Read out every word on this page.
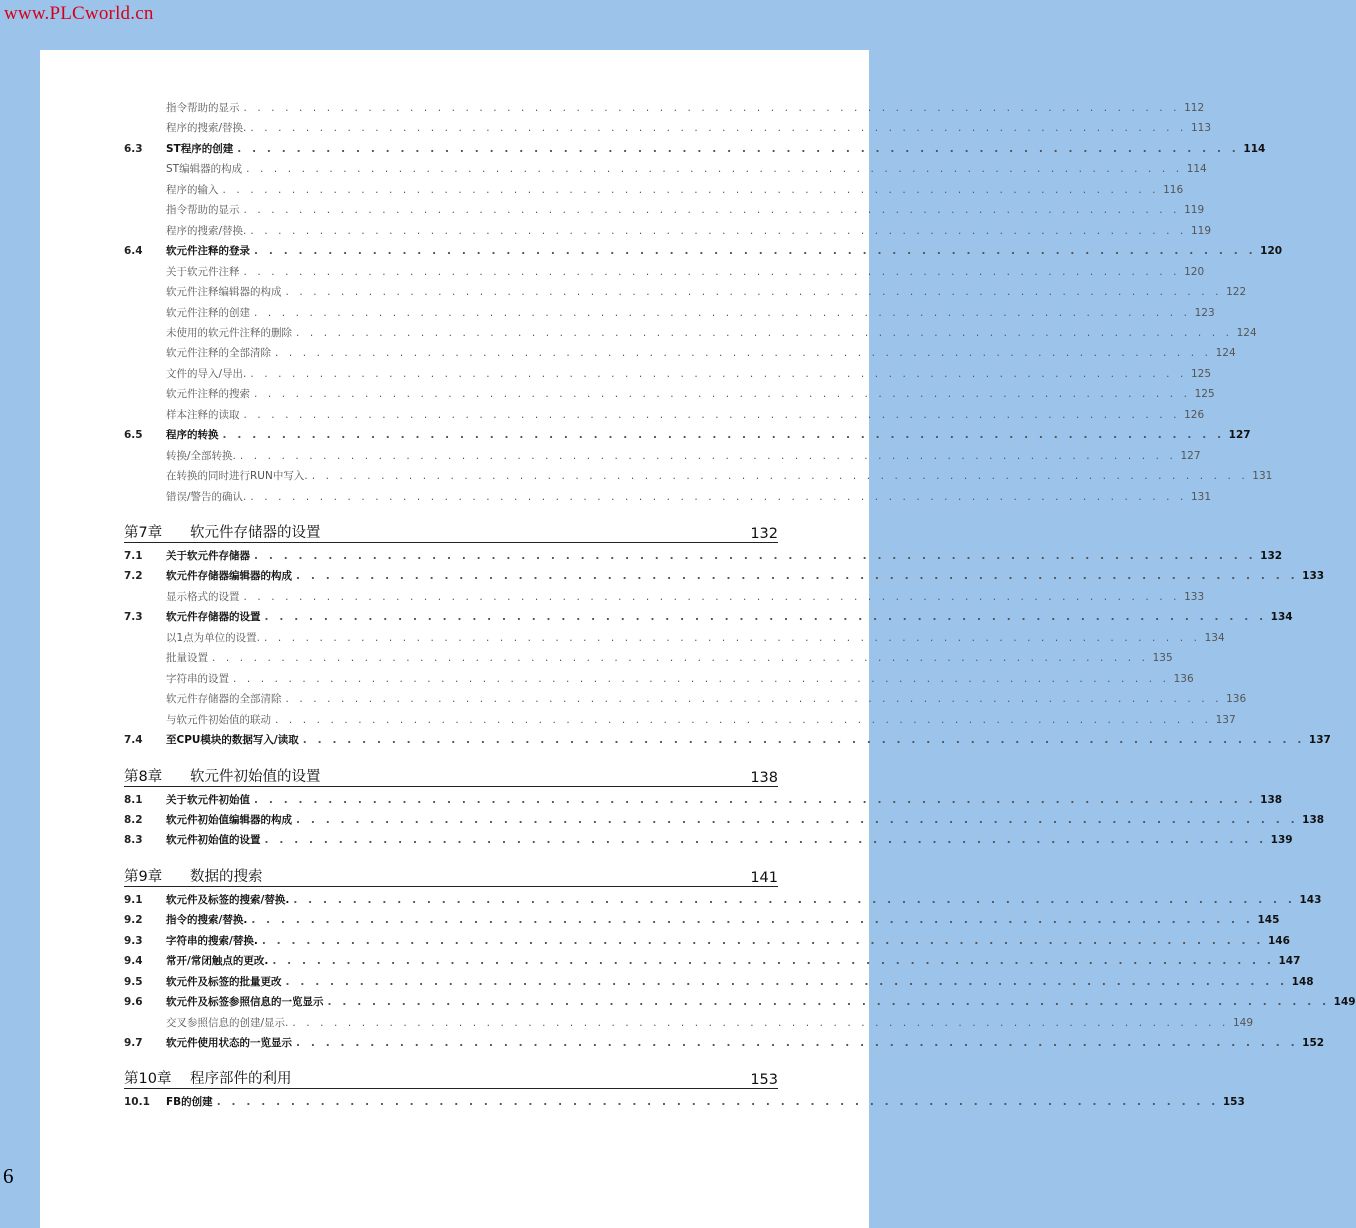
www.PLCworld.cn
6
指令帮助的显示 . . . . . . . . . . . . . . . . . . . . . . . . . . . . . . . . . . . . . . . . . . . . . . . . . . . . . . . . . . . . . . . . . . . . 112
程序的搜索/替换. . . . . . . . . . . . . . . . . . . . . . . . . . . . . . . . . . . . . . . . . . . . . . . . . . . . . . . . . . . . . . . . . . . . . 113
6.3	ST程序的创建 . . . . . . . . . . . . . . . . . . . . . . . . . . . . . . . . . . . . . . . . . . . . . . . . . . . . . . . . . . . . . . . . . . . . 114
ST编辑器的构成 . . . . . . . . . . . . . . . . . . . . . . . . . . . . . . . . . . . . . . . . . . . . . . . . . . . . . . . . . . . . . . . . . . . . 114
程序的输入 . . . . . . . . . . . . . . . . . . . . . . . . . . . . . . . . . . . . . . . . . . . . . . . . . . . . . . . . . . . . . . . . . . . . 116
指令帮助的显示 . . . . . . . . . . . . . . . . . . . . . . . . . . . . . . . . . . . . . . . . . . . . . . . . . . . . . . . . . . . . . . . . . . . . 119
程序的搜索/替换. . . . . . . . . . . . . . . . . . . . . . . . . . . . . . . . . . . . . . . . . . . . . . . . . . . . . . . . . . . . . . . . . . . . . 119
6.4	软元件注释的登录 . . . . . . . . . . . . . . . . . . . . . . . . . . . . . . . . . . . . . . . . . . . . . . . . . . . . . . . . . . . . . . . . . . . . 120
关于软元件注释 . . . . . . . . . . . . . . . . . . . . . . . . . . . . . . . . . . . . . . . . . . . . . . . . . . . . . . . . . . . . . . . . . . . . 120
软元件注释编辑器的构成 . . . . . . . . . . . . . . . . . . . . . . . . . . . . . . . . . . . . . . . . . . . . . . . . . . . . . . . . . . . . . . . . . . . . 122
软元件注释的创建 . . . . . . . . . . . . . . . . . . . . . . . . . . . . . . . . . . . . . . . . . . . . . . . . . . . . . . . . . . . . . . . . . . . . 123
未使用的软元件注释的删除 . . . . . . . . . . . . . . . . . . . . . . . . . . . . . . . . . . . . . . . . . . . . . . . . . . . . . . . . . . . . . . . . . . . . 124
软元件注释的全部清除 . . . . . . . . . . . . . . . . . . . . . . . . . . . . . . . . . . . . . . . . . . . . . . . . . . . . . . . . . . . . . . . . . . . . 124
文件的导入/导出. . . . . . . . . . . . . . . . . . . . . . . . . . . . . . . . . . . . . . . . . . . . . . . . . . . . . . . . . . . . . . . . . . . . . 125
软元件注释的搜索 . . . . . . . . . . . . . . . . . . . . . . . . . . . . . . . . . . . . . . . . . . . . . . . . . . . . . . . . . . . . . . . . . . . . 125
样本注释的读取 . . . . . . . . . . . . . . . . . . . . . . . . . . . . . . . . . . . . . . . . . . . . . . . . . . . . . . . . . . . . . . . . . . . . 126
6.5	程序的转换 . . . . . . . . . . . . . . . . . . . . . . . . . . . . . . . . . . . . . . . . . . . . . . . . . . . . . . . . . . . . . . . . . . . . 127
转换/全部转换. . . . . . . . . . . . . . . . . . . . . . . . . . . . . . . . . . . . . . . . . . . . . . . . . . . . . . . . . . . . . . . . . . . . . 127
在转换的同时进行RUN中写入. . . . . . . . . . . . . . . . . . . . . . . . . . . . . . . . . . . . . . . . . . . . . . . . . . . . . . . . . . . . . . . . . . . . . 131
错误/警告的确认. . . . . . . . . . . . . . . . . . . . . . . . . . . . . . . . . . . . . . . . . . . . . . . . . . . . . . . . . . . . . . . . . . . . . 131
第7章	软元件存储器的设置	132
7.1	关于软元件存储器 . . . . . . . . . . . . . . . . . . . . . . . . . . . . . . . . . . . . . . . . . . . . . . . . . . . . . . . . . . . . . . . . . . . . 132
7.2	软元件存储器编辑器的构成 . . . . . . . . . . . . . . . . . . . . . . . . . . . . . . . . . . . . . . . . . . . . . . . . . . . . . . . . . . . . . . . . . . . . 133
显示格式的设置 . . . . . . . . . . . . . . . . . . . . . . . . . . . . . . . . . . . . . . . . . . . . . . . . . . . . . . . . . . . . . . . . . . . . 133
7.3	软元件存储器的设置 . . . . . . . . . . . . . . . . . . . . . . . . . . . . . . . . . . . . . . . . . . . . . . . . . . . . . . . . . . . . . . . . . . . . 134
以1点为单位的设置. . . . . . . . . . . . . . . . . . . . . . . . . . . . . . . . . . . . . . . . . . . . . . . . . . . . . . . . . . . . . . . . . . . . . 134
批量设置 . . . . . . . . . . . . . . . . . . . . . . . . . . . . . . . . . . . . . . . . . . . . . . . . . . . . . . . . . . . . . . . . . . . . 135
字符串的设置 . . . . . . . . . . . . . . . . . . . . . . . . . . . . . . . . . . . . . . . . . . . . . . . . . . . . . . . . . . . . . . . . . . . . 136
软元件存储器的全部清除 . . . . . . . . . . . . . . . . . . . . . . . . . . . . . . . . . . . . . . . . . . . . . . . . . . . . . . . . . . . . . . . . . . . . 136
与软元件初始值的联动 . . . . . . . . . . . . . . . . . . . . . . . . . . . . . . . . . . . . . . . . . . . . . . . . . . . . . . . . . . . . . . . . . . . . 137
7.4	至CPU模块的数据写入/读取 . . . . . . . . . . . . . . . . . . . . . . . . . . . . . . . . . . . . . . . . . . . . . . . . . . . . . . . . . . . . . . . . . . . . 137
第8章	软元件初始值的设置	138
8.1	关于软元件初始值 . . . . . . . . . . . . . . . . . . . . . . . . . . . . . . . . . . . . . . . . . . . . . . . . . . . . . . . . . . . . . . . . . . . . 138
8.2	软元件初始值编辑器的构成 . . . . . . . . . . . . . . . . . . . . . . . . . . . . . . . . . . . . . . . . . . . . . . . . . . . . . . . . . . . . . . . . . . . . 138
8.3	软元件初始值的设置 . . . . . . . . . . . . . . . . . . . . . . . . . . . . . . . . . . . . . . . . . . . . . . . . . . . . . . . . . . . . . . . . . . . . 139
第9章	数据的搜索	141
9.1	软元件及标签的搜索/替换. . . . . . . . . . . . . . . . . . . . . . . . . . . . . . . . . . . . . . . . . . . . . . . . . . . . . . . . . . . . . . . . . . . . . 143
9.2	指令的搜索/替换. . . . . . . . . . . . . . . . . . . . . . . . . . . . . . . . . . . . . . . . . . . . . . . . . . . . . . . . . . . . . . . . . . . . . 145
9.3	字符串的搜索/替换. . . . . . . . . . . . . . . . . . . . . . . . . . . . . . . . . . . . . . . . . . . . . . . . . . . . . . . . . . . . . . . . . . . . . 146
9.4	常开/常闭触点的更改. . . . . . . . . . . . . . . . . . . . . . . . . . . . . . . . . . . . . . . . . . . . . . . . . . . . . . . . . . . . . . . . . . . . . 147
9.5	软元件及标签的批量更改 . . . . . . . . . . . . . . . . . . . . . . . . . . . . . . . . . . . . . . . . . . . . . . . . . . . . . . . . . . . . . . . . . . . . 148
9.6	软元件及标签参照信息的一览显示 . . . . . . . . . . . . . . . . . . . . . . . . . . . . . . . . . . . . . . . . . . . . . . . . . . . . . . . . . . . . . . . . . . . . 149
交叉参照信息的创建/显示. . . . . . . . . . . . . . . . . . . . . . . . . . . . . . . . . . . . . . . . . . . . . . . . . . . . . . . . . . . . . . . . . . . . . 149
9.7	软元件使用状态的一览显示 . . . . . . . . . . . . . . . . . . . . . . . . . . . . . . . . . . . . . . . . . . . . . . . . . . . . . . . . . . . . . . . . . . . . 152
第10章	程序部件的利用	153
10.1	FB的创建 . . . . . . . . . . . . . . . . . . . . . . . . . . . . . . . . . . . . . . . . . . . . . . . . . . . . . . . . . . . . . . . . . . . . 153
